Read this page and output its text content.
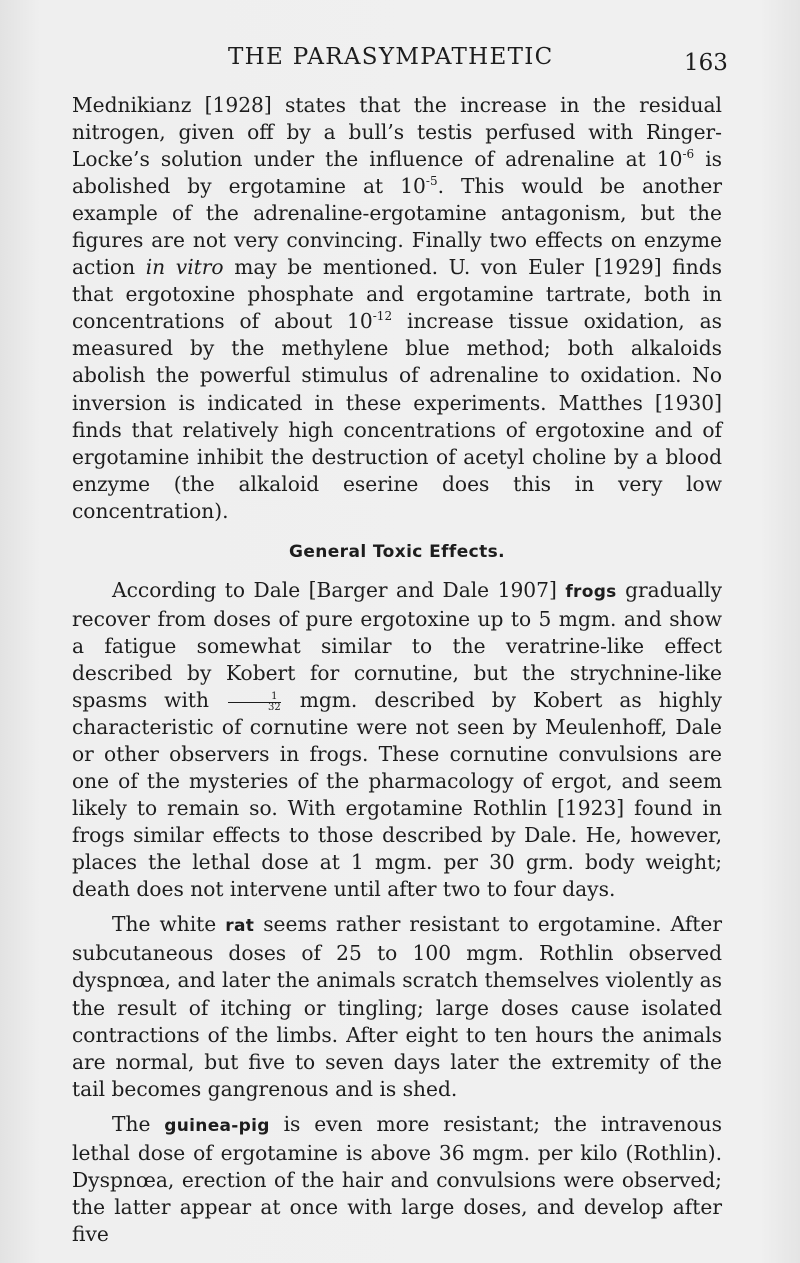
THE PARASYMPATHETIC	163

Mednikianz [1928] states that the increase in the residual nitrogen, given off by a bull’s testis perfused with Ringer-Locke’s solution under the influence of adrenaline at $10^{-6}$ is abolished by ergotamine at $10^{-5}$. This would be another example of the adrenaline-ergotamine antagonism, but the figures are not very convincing. Finally two effects on enzyme action in vitro may be mentioned. U. von Euler [1929] finds that ergotoxine phosphate and ergotamine tartrate, both in concentrations of about $10^{-12}$ increase tissue oxidation, as measured by the methylene blue method; both alkaloids abolish the powerful stimulus of adrenaline to oxidation. No inversion is indicated in these experiments. Matthes [1930] finds that relatively high concentrations of ergotoxine and of ergotamine inhibit the destruction of acetyl choline by a blood enzyme (the alkaloid eserine does this in very low concentration).

General Toxic Effects.

According to Dale [Barger and Dale 1907] frogs gradually recover from doses of pure ergotoxine up to 5 mgm. and show a fatigue somewhat similar to the veratrine-like effect described by Kobert for cornutine, but the strychnine-like spasms with $\frac{1}{32}$ mgm. described by Kobert as highly characteristic of cornutine were not seen by Meulenhoff, Dale or other observers in frogs. These cornutine convulsions are one of the mysteries of the pharmacology of ergot, and seem likely to remain so. With ergotamine Rothlin [1923] found in frogs similar effects to those described by Dale. He, however, places the lethal dose at 1 mgm. per 30 grm. body weight; death does not intervene until after two to four days.

The white rat seems rather resistant to ergotamine. After subcutaneous doses of 25 to 100 mgm. Rothlin observed dyspnœa, and later the animals scratch themselves violently as the result of itching or tingling; large doses cause isolated contractions of the limbs. After eight to ten hours the animals are normal, but five to seven days later the extremity of the tail becomes gangrenous and is shed.

The guinea-pig is even more resistant; the intravenous lethal dose of ergotamine is above 36 mgm. per kilo (Rothlin). Dyspnœa, erection of the hair and convulsions were observed; the latter appear at once with large doses, and develop after five
